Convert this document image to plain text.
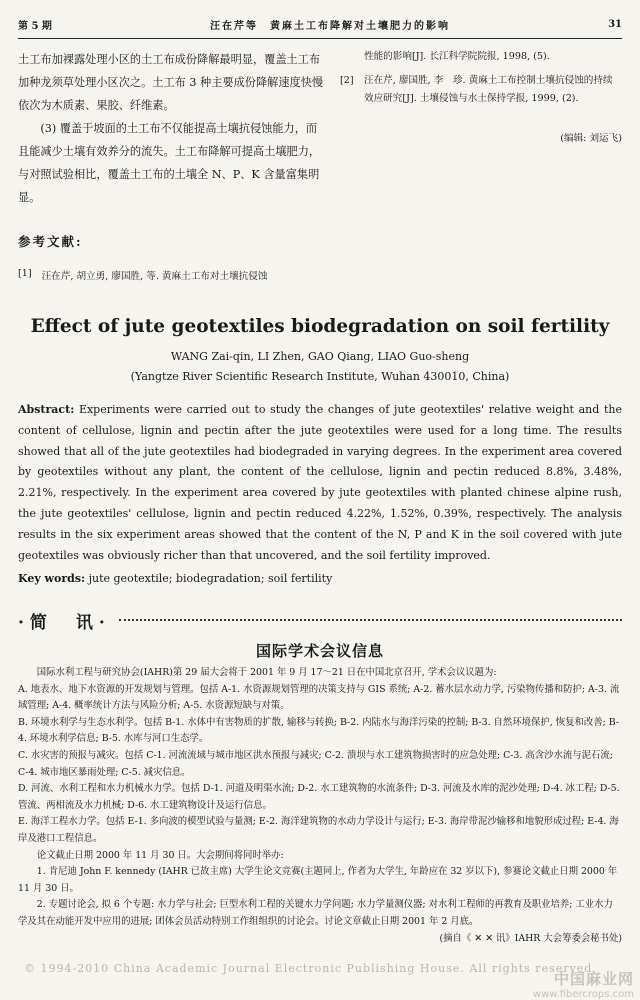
第 5 期	汪在芹等　黄麻土工布降解对土壤肥力的影响	31

土工布加裸露处理小区的土工布成份降解最明显，覆盖土工布加种龙须草处理小区次之。土工布 3 种主要成份降解速度快慢依次为木质素、果胶、纤维素。

(3) 覆盖于坡面的土工布不仅能提高土壤抗侵蚀能力，而且能减少土壤有效养分的流失。土工布降解可提高土壤肥力，与对照试验相比，覆盖土工布的土壤全 N、P、K 含量富集明显。

性能的影响[J]. 长江科学院院报, 1998, (5).
[2]	汪在芹, 廖国胜, 李　珍. 黄麻土工布控制土壤抗侵蚀的持续效应研究[J]. 土壤侵蚀与水土保持学报, 1999, (2).
(编辑: 刘运飞)
参考文献:
[1] 汪在芹, 胡立勇, 廖国胜, 等. 黄麻土工布对土壤抗侵蚀
Effect of jute geotextiles biodegradation on soil fertility
WANG Zai-qin, LI Zhen, GAO Qiang, LIAO Guo-sheng
(Yangtze River Scientific Research Institute, Wuhan 430010, China)
Abstract: Experiments were carried out to study the changes of jute geotextiles' relative weight and the content of cellulose, lignin and pectin after the jute geotextiles were used for a long time. The results showed that all of the jute geotextiles had biodegraded in varying degrees. In the experiment area covered by geotextiles without any plant, the content of the cellulose, lignin and pectin reduced 8.8%, 3.48%, 2.21%, respectively. In the experiment area covered by jute geotextiles with planted chinese alpine rush, the jute geotextiles' cellulose, lignin and pectin reduced 4.22%, 1.52%, 0.39%, respectively. The analysis results in the six experiment areas showed that the content of the N, P and K in the soil covered with jute geotextiles was obviously richer than that uncovered, and the soil fertility improved.
Key words: jute geotextile; biodegradation; soil fertility
·简　讯·
国际学术会议信息

国际水利工程与研究协会(IAHR)第 29 届大会将于 2001 年 9 月 17～21 日在中国北京召开, 学术会议议题为:

A. 地表水、地下水资源的开发规划与管理。包括 A-1. 水资源规划管理的决策支持与 GIS 系统; A-2. 蓄水层水动力学, 污染物传播和防护; A-3. 流域管理; A-4. 概率统计方法与风险分析; A-5. 水资源短缺与对策。

B. 环境水利学与生态水利学。包括 B-1. 水体中有害物质的扩散, 输移与转换; B-2. 内陆水与海洋污染的控制; B-3. 自然环境保护, 恢复和改善; B-4. 环境水利学信息; B-5. 水库与河口生态学。

C. 水灾害的预报与减灾。包括 C-1. 河流流域与城市地区洪水预报与减灾; C-2. 溃坝与水工建筑物损害时的应急处理; C-3. 高含沙水流与泥石流; C-4. 城市地区暴雨处理; C-5. 减灾信息。

D. 河流、水利工程和水力机械水力学。包括 D-1. 河道及明渠水流; D-2. 水工建筑物的水流条件; D-3. 河流及水库的泥沙处理; D-4. 冰工程; D-5. 管流、两相流及水力机械; D-6. 水工建筑物设计及运行信息。

E. 海洋工程水力学。包括 E-1. 多向波的模型试验与量测; E-2. 海洋建筑物的水动力学设计与运行; E-3. 海岸带泥沙输移和地貌形成过程; E-4. 海岸及港口工程信息。

论文截止日期 2000 年 11 月 30 日。大会期间将同时举办:

1. 肯尼迪 John F. kennedy (IAHR 已故主席) 大学生论文竞赛(主题同上, 作者为大学生, 年龄应在 32 岁以下), 参赛论文截止日期 2000 年 11 月 30 日。

2. 专题讨论会, 拟 6 个专题: 水力学与社会; 巨型水利工程的关键水力学问题; 水力学量测仪器; 对水利工程师的再教育及职业培养; 工业水力学及其在动能开发中应用的进展; 团体会员活动特别工作组组织的讨论会。讨论文章截止日期 2001 年 2 月底。

(摘自《 ✕ ✕ 讯》IAHR 大会筹委会秘书处)

© 1994-2010 China Academic Journal Electronic Publishing House. All rights reserved.
中国麻业网
www.fibercrops.com
